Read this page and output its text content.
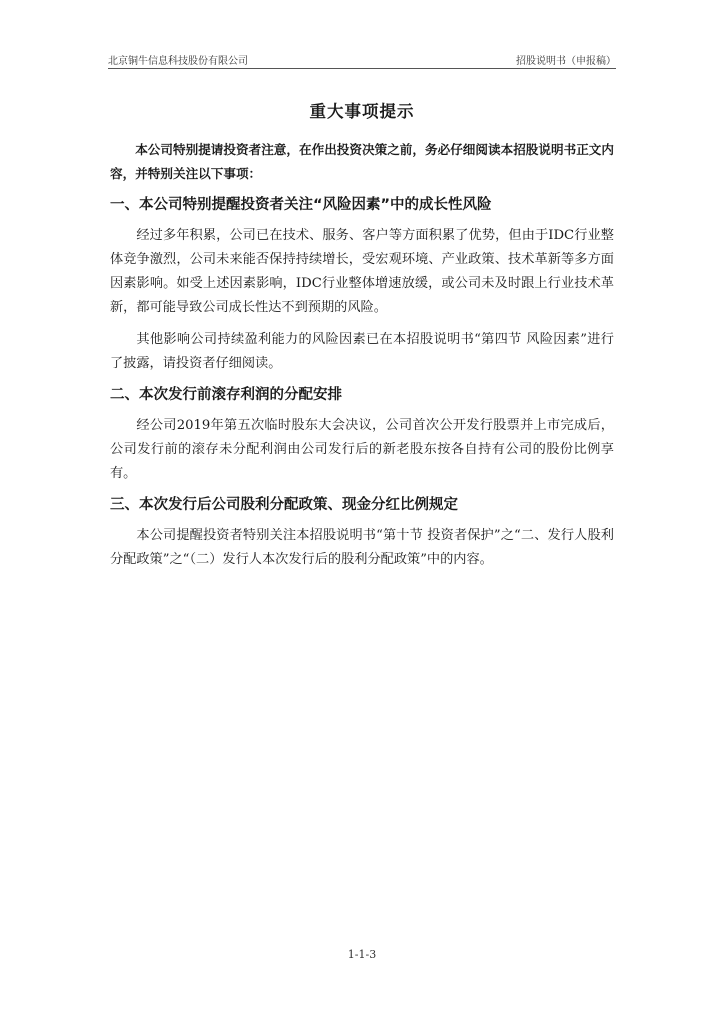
北京铜牛信息科技股份有限公司	招股说明书（申报稿）
重大事项提示

本公司特别提请投资者注意，在作出投资决策之前，务必仔细阅读本招股说明书正文内容，并特别关注以下事项：

一、本公司特别提醒投资者关注“风险因素”中的成长性风险

经过多年积累，公司已在技术、服务、客户等方面积累了优势，但由于IDC行业整体竞争激烈，公司未来能否保持持续增长，受宏观环境、产业政策、技术革新等多方面因素影响。如受上述因素影响，IDC行业整体增速放缓，或公司未及时跟上行业技术革新，都可能导致公司成长性达不到预期的风险。

其他影响公司持续盈利能力的风险因素已在本招股说明书“第四节 风险因素”进行了披露，请投资者仔细阅读。

二、本次发行前滚存利润的分配安排

经公司2019年第五次临时股东大会决议，公司首次公开发行股票并上市完成后，公司发行前的滚存未分配利润由公司发行后的新老股东按各自持有公司的股份比例享有。

三、本次发行后公司股利分配政策、现金分红比例规定

本公司提醒投资者特别关注本招股说明书“第十节 投资者保护”之“二、发行人股利分配政策”之“（二）发行人本次发行后的股利分配政策”中的内容。

1-1-3
